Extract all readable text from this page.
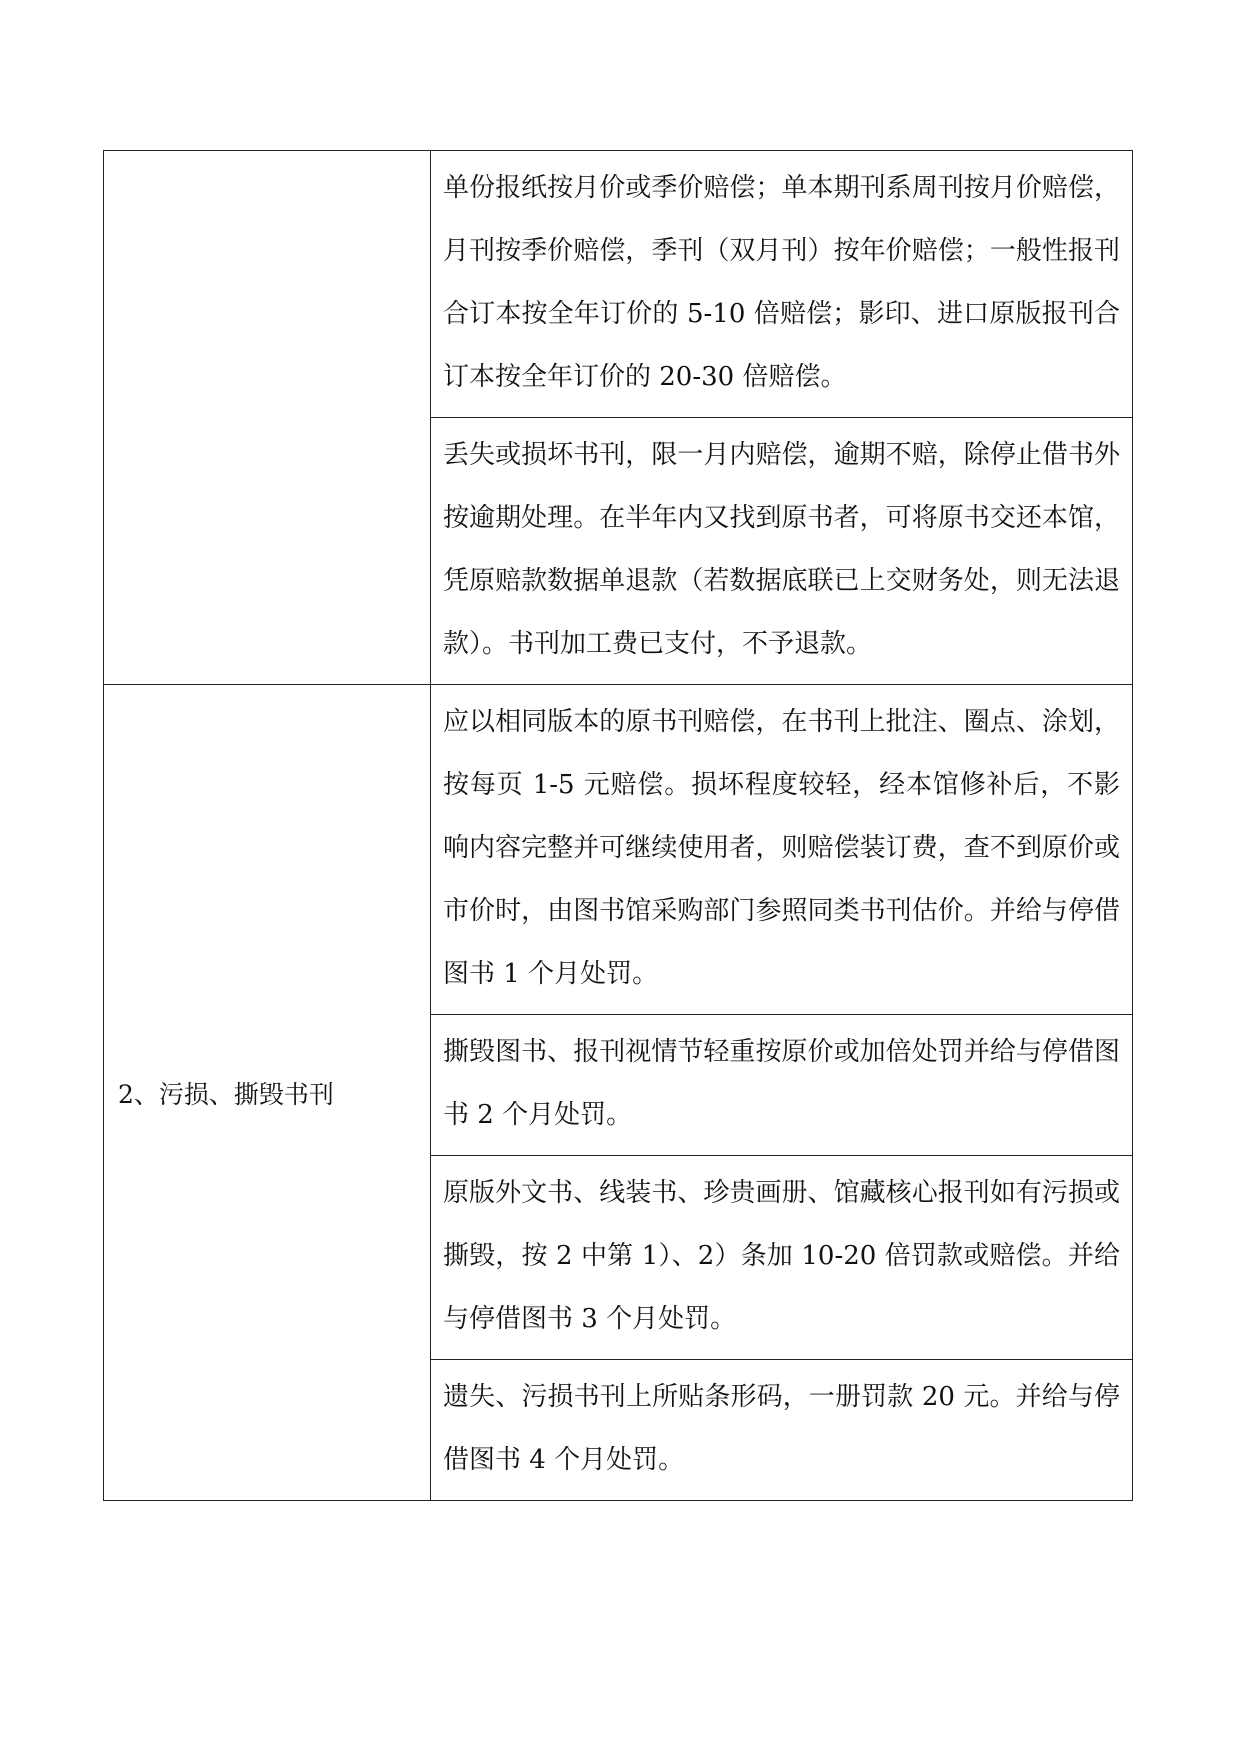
	单份报纸按月价或季价赔偿；单本期刊系周刊按月价赔偿，月刊按季价赔偿，季刊（双月刊）按年价赔偿；一般性报刊合订本按全年订价的 5-10 倍赔偿；影印、进口原版报刊合订本按全年订价的 20-30 倍赔偿。
	丢失或损坏书刊，限一月内赔偿，逾期不赔，除停止借书外按逾期处理。在半年内又找到原书者，可将原书交还本馆，凭原赔款数据单退款（若数据底联已上交财务处，则无法退款）。书刊加工费已支付，不予退款。
2、污损、撕毁书刊	应以相同版本的原书刊赔偿，在书刊上批注、圈点、涂划，按每页 1-5 元赔偿。损坏程度较轻，经本馆修补后，不影响内容完整并可继续使用者，则赔偿装订费，查不到原价或市价时，由图书馆采购部门参照同类书刊估价。并给与停借图书 1 个月处罚。
	撕毁图书、报刊视情节轻重按原价或加倍处罚并给与停借图书 2 个月处罚。
	原版外文书、线装书、珍贵画册、馆藏核心报刊如有污损或撕毁，按 2 中第 1）、2）条加 10-20 倍罚款或赔偿。并给与停借图书 3 个月处罚。
	遗失、污损书刊上所贴条形码，一册罚款 20 元。并给与停借图书 4 个月处罚。
